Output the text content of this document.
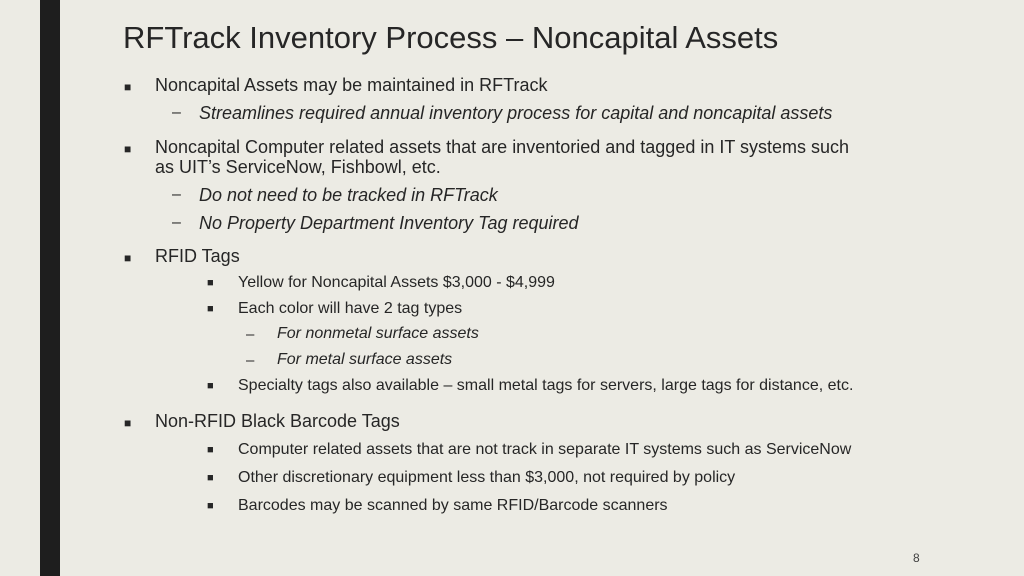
RFTrack Inventory Process – Noncapital Assets
■ Noncapital Assets may be maintained in RFTrack
– Streamlines required annual inventory process for capital and noncapital assets
■ Noncapital Computer related assets that are inventoried and tagged in IT systems such
as UIT’s ServiceNow, Fishbowl, etc.
– Do not need to be tracked in RFTrack
– No Property Department Inventory Tag required
■ RFID Tags
■ Yellow for Noncapital Assets $3,000 - $4,999
■ Each color will have 2 tag types
– For nonmetal surface assets
– For metal surface assets
■ Specialty tags also available – small metal tags for servers, large tags for distance, etc.
■ Non-RFID Black Barcode Tags
■ Computer related assets that are not track in separate IT systems such as ServiceNow
■ Other discretionary equipment less than $3,000, not required by policy
■ Barcodes may be scanned by same RFID/Barcode scanners
8
